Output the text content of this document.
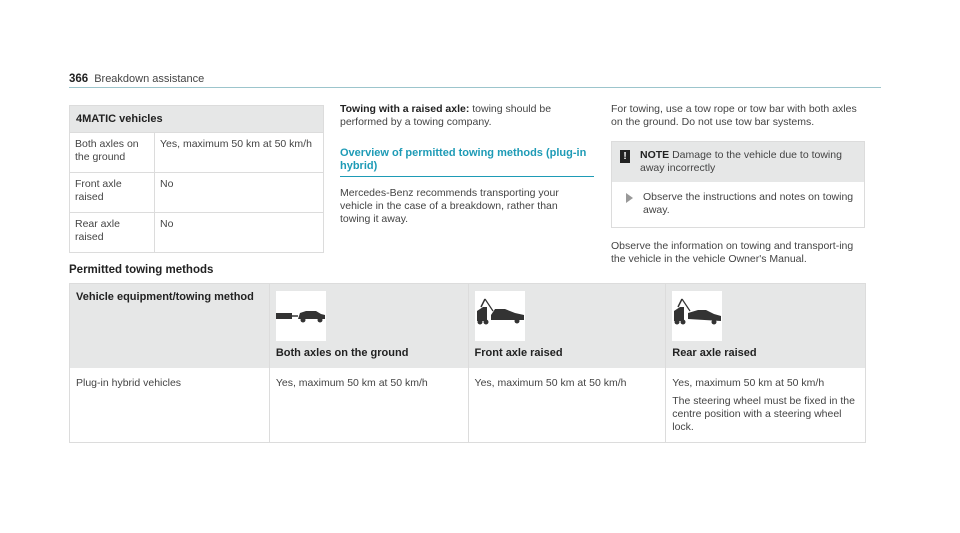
366 Breakdown assistance
4MATIC vehicles	
Both axles on the ground	Yes, maximum 50 km at 50 km/h
Front axle raised	No
Rear axle raised	No
Towing with a raised axle: towing should be performed by a towing company.
Overview of permitted towing methods (plug-in hybrid)
Mercedes-Benz recommends transporting your vehicle in the case of a breakdown, rather than towing it away.
For towing, use a tow rope or tow bar with both axles on the ground. Do not use tow bar systems.
!	NOTE Damage to the vehicle due to towing away incorrectly
Observe the instructions and notes on towing away.
Observe the information on towing and transport-ing the vehicle in the vehicle Owner's Manual.
Permitted towing methods
Vehicle equipment/towing method	Both axles on the ground	Front axle raised	Rear axle raised

Plug-in hybrid vehicles	Yes, maximum 50 km at 50 km/h	Yes, maximum 50 km at 50 km/h	Yes, maximum 50 km at 50 km/h
The steering wheel must be fixed in the centre position with a steering wheel lock.
